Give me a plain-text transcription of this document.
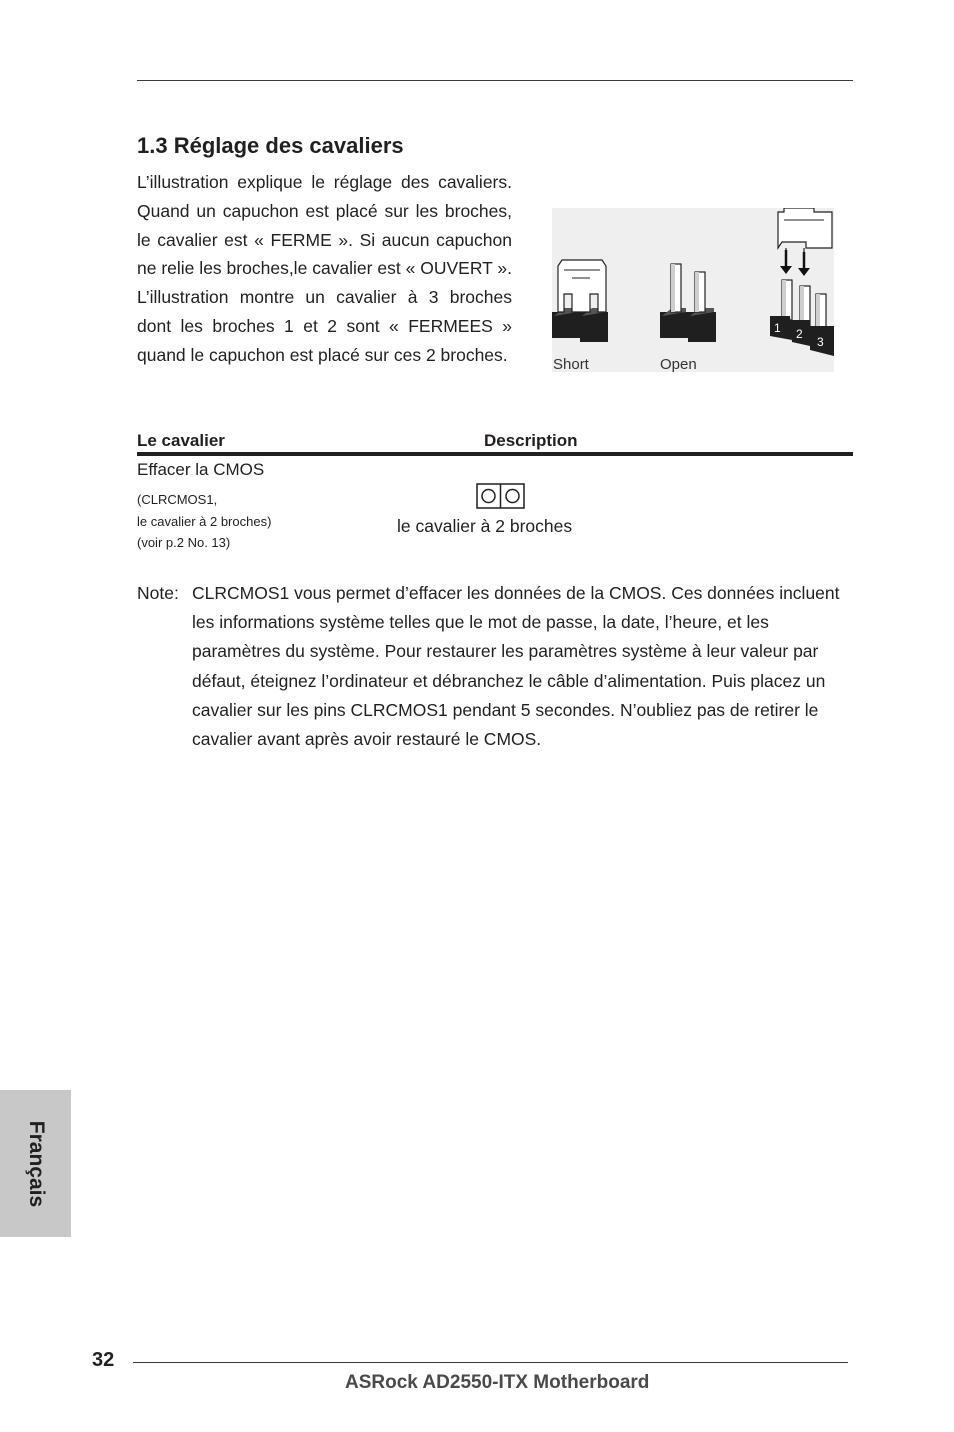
1.3 Réglage des cavaliers

L’illustration explique le réglage des cavaliers. Quand un capuchon est placé sur les broches, le cavalier est « FERME ». Si aucun capuchon ne relie les broches,le cavalier est « OUVERT ». L’illustration montre un cavalier à 3 broches dont les broches 1 et 2 sont « FERMEES » quand le capuchon est placé sur ces 2 broches.	Short	Open
1 2
3
Le cavalier	Description
Effacer la CMOS
(CLRCMOS1,
le cavalier à 2 broches)
(voir p.2 No. 13)
le cavalier à 2 broches
Note: CLRCMOS1 vous permet d’effacer les données de la CMOS. Ces données incluent les informations système telles que le mot de passe, la date, l’heure, et les paramètres du système. Pour restaurer les paramètres système à leur valeur par défaut, éteignez l’ordinateur et débranchez le câble d’alimentation. Puis placez un cavalier sur les pins CLRCMOS1 pendant 5 secondes. N’oubliez pas de retirer le cavalier avant après avoir restauré le CMOS.
Français
32
ASRock AD2550-ITX Motherboard
